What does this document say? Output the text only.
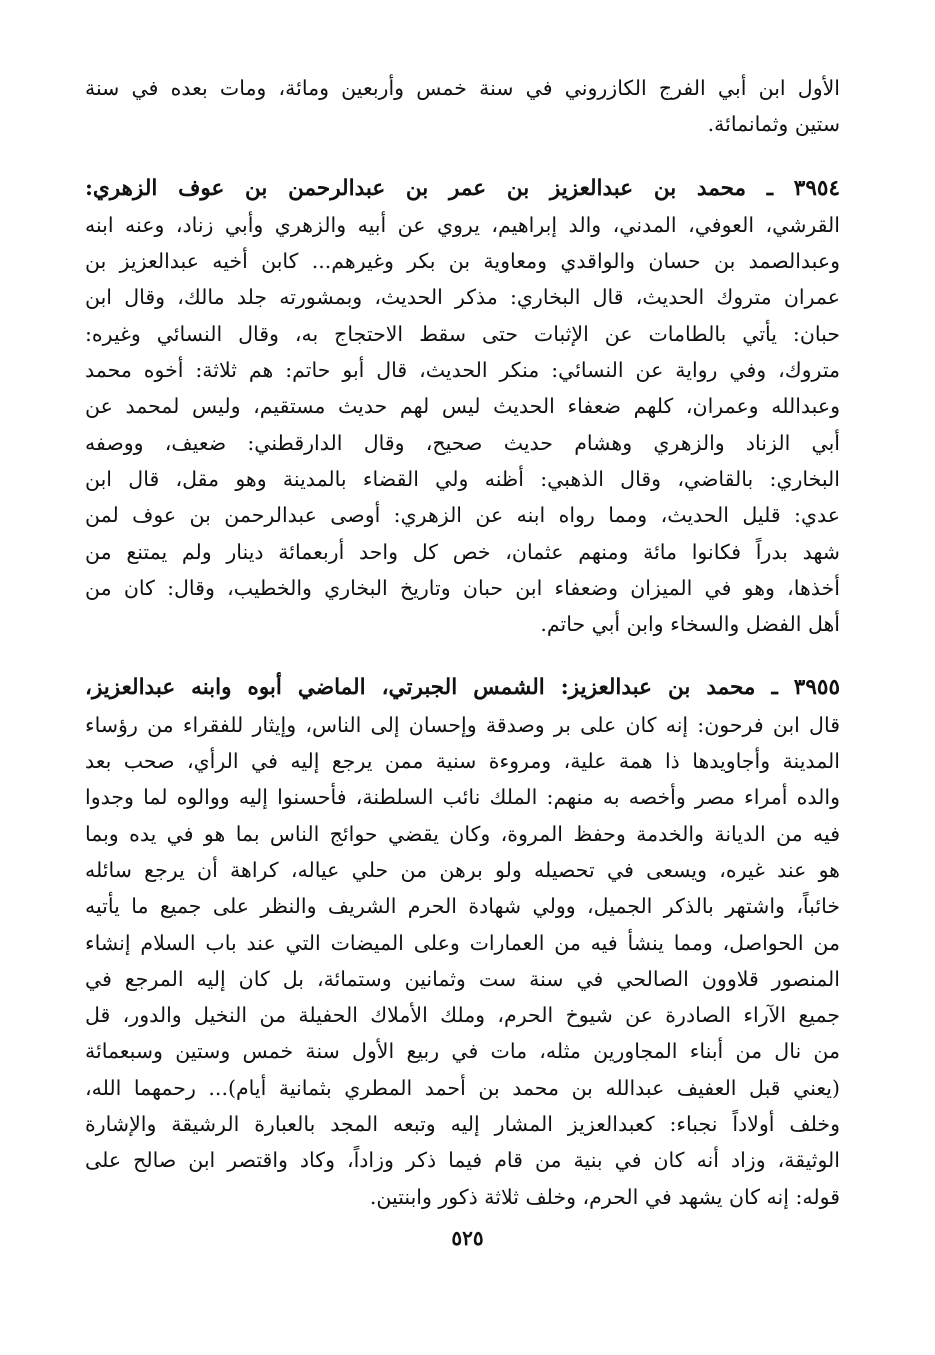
الأول ابن أبي الفرج الكازروني في سنة خمس وأربعين ومائة، ومات بعده في سنة
ستين وثمانمائة.
٣٩٥٤ ـ محمد بن عبدالعزيز بن عمر بن عبدالرحمن بن عوف الزهري:
القرشي، العوفي، المدني، والد إبراهيم، يروي عن أبيه والزهري وأبي زناد، وعنه ابنه
وعبدالصمد بن حسان والواقدي ومعاوية بن بكر وغيرهم... كابن أخيه عبدالعزيز بن
عمران متروك الحديث، قال البخاري: مذكر الحديث، وبمشورته جلد مالك، وقال ابن
حبان: يأتي بالطامات عن الإثبات حتى سقط الاحتجاج به، وقال النسائي وغيره:
متروك، وفي رواية عن النسائي: منكر الحديث، قال أبو حاتم: هم ثلاثة: أخوه محمد
وعبدالله وعمران، كلهم ضعفاء الحديث ليس لهم حديث مستقيم، وليس لمحمد عن
أبي الزناد والزهري وهشام حديث صحيح، وقال الدارقطني: ضعيف، ووصفه
البخاري: بالقاضي، وقال الذهبي: أظنه ولي القضاء بالمدينة وهو مقل، قال ابن
عدي: قليل الحديث، ومما رواه ابنه عن الزهري: أوصى عبدالرحمن بن عوف لمن
شهد بدراً فكانوا مائة ومنهم عثمان، خص كل واحد أربعمائة دينار ولم يمتنع من
أخذها، وهو في الميزان وضعفاء ابن حبان وتاريخ البخاري والخطيب، وقال: كان من
أهل الفضل والسخاء وابن أبي حاتم.
٣٩٥٥ ـ محمد بن عبدالعزيز: الشمس الجبرتي، الماضي أبوه وابنه عبدالعزيز،
قال ابن فرحون: إنه كان على بر وصدقة وإحسان إلى الناس، وإيثار للفقراء من رؤساء
المدينة وأجاويدها ذا همة علية، ومروءة سنية ممن يرجع إليه في الرأي، صحب بعد
والده أمراء مصر وأخصه به منهم: الملك نائب السلطنة، فأحسنوا إليه ووالوه لما وجدوا
فيه من الديانة والخدمة وحفظ المروة، وكان يقضي حوائج الناس بما هو في يده وبما
هو عند غيره، ويسعى في تحصيله ولو برهن من حلي عياله، كراهة أن يرجع سائله
خائباً، واشتهر بالذكر الجميل، وولي شهادة الحرم الشريف والنظر على جميع ما يأتيه
من الحواصل، ومما ينشأ فيه من العمارات وعلى الميضات التي عند باب السلام إنشاء
المنصور قلاوون الصالحي في سنة ست وثمانين وستمائة، بل كان إليه المرجع في
جميع الآراء الصادرة عن شيوخ الحرم، وملك الأملاك الحفيلة من النخيل والدور، قل
من نال من أبناء المجاورين مثله، مات في ربيع الأول سنة خمس وستين وسبعمائة
(يعني قبل العفيف عبدالله بن محمد بن أحمد المطري بثمانية أيام)... رحمهما الله،
وخلف أولاداً نجباء: كعبدالعزيز المشار إليه وتبعه المجد بالعبارة الرشيقة والإشارة
الوثيقة، وزاد أنه كان في بنية من قام فيما ذكر وزاداً، وكاد واقتصر ابن صالح على
قوله: إنه كان يشهد في الحرم، وخلف ثلاثة ذكور وابنتين.
٥٢٥
